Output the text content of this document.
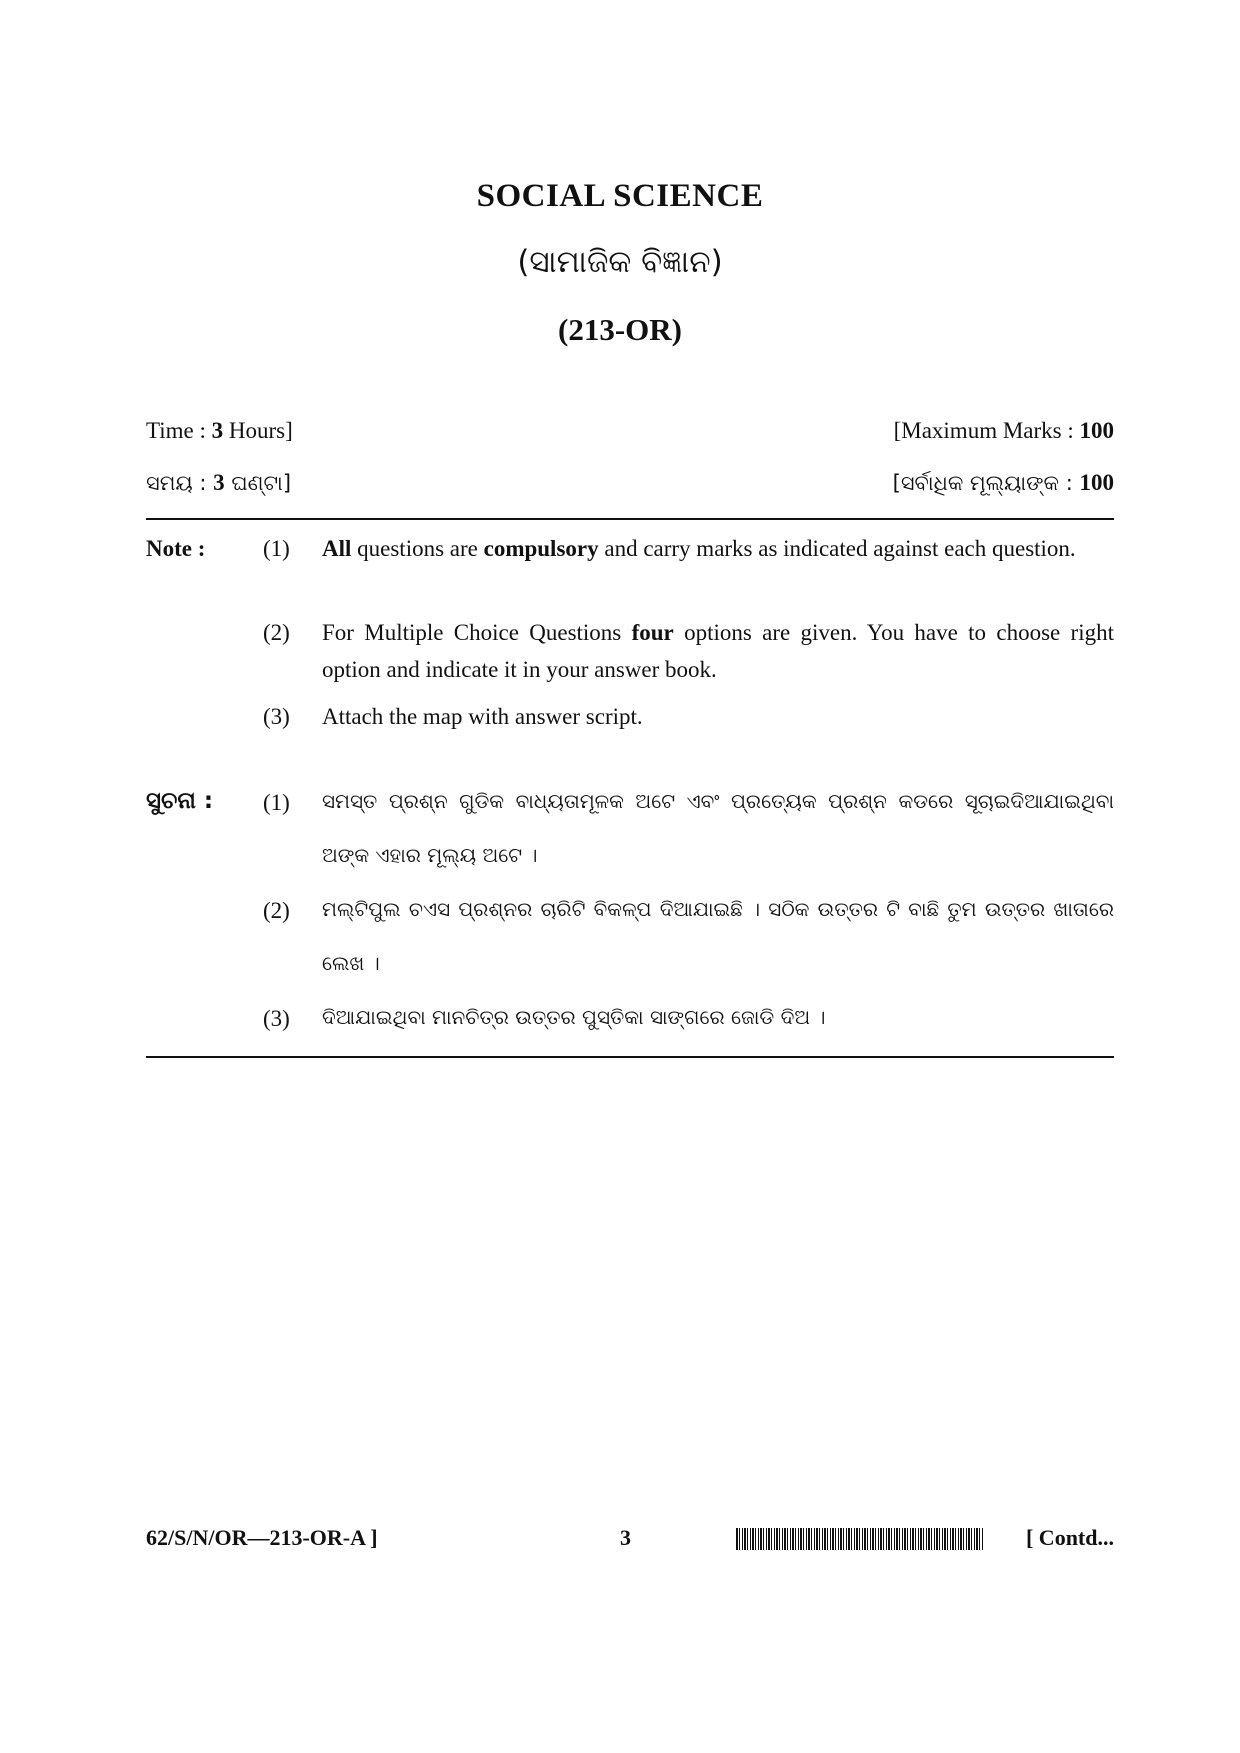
SOCIAL SCIENCE
(ସାମାଜିକ ବିଜ୍ଞାନ)
(213-OR)
Time : 3 Hours]	[Maximum Marks : 100
ସମୟ : 3 ଘଣ୍ଟା]	[ସର୍ବାଧିକ ମୂଲ୍ୟାଙ୍କ : 100
Note :	(1) All questions are compulsory and carry marks as indicated against each question.
(2) For Multiple Choice Questions four options are given. You have to choose right option and indicate it in your answer book.
(3) Attach the map with answer script.
ସୁଚନା : (1) ସମସ୍ତ ପ୍ରଶ୍ନ ଗୁଡିକ ବାଧ୍ୟତାମୂଳକ ଅଟେ ଏବଂ ପ୍ରତ୍ୟେକ ପ୍ରଶ୍ନ କଡରେ ସୂଚାଇଦିଆଯାଇଥିବା ଅଙ୍କ ଏହାର ମୂଲ୍ୟ ଅଟେ ।
(2) ମଲ୍ଟିପୁଲ ଚଏସ ପ୍ରଶ୍ନର ଚାରିଟି ବିକଳ୍ପ ଦିଆଯାଇଛି । ସଠିକ ଉତ୍ତର ଟି ବାଛି ତୁମ ଉତ୍ତର ଖାତାରେ ଲେଖ ।
(3) ଦିଆଯାଇଥିବା ମାନଚିତ୍ର ଉତ୍ତର ପୁସ୍ତିକା ସାଙ୍ଗରେ ଜୋଡି ଦିଅ ।
62/S/N/OR—213-OR-A ]	3	[ Contd...
